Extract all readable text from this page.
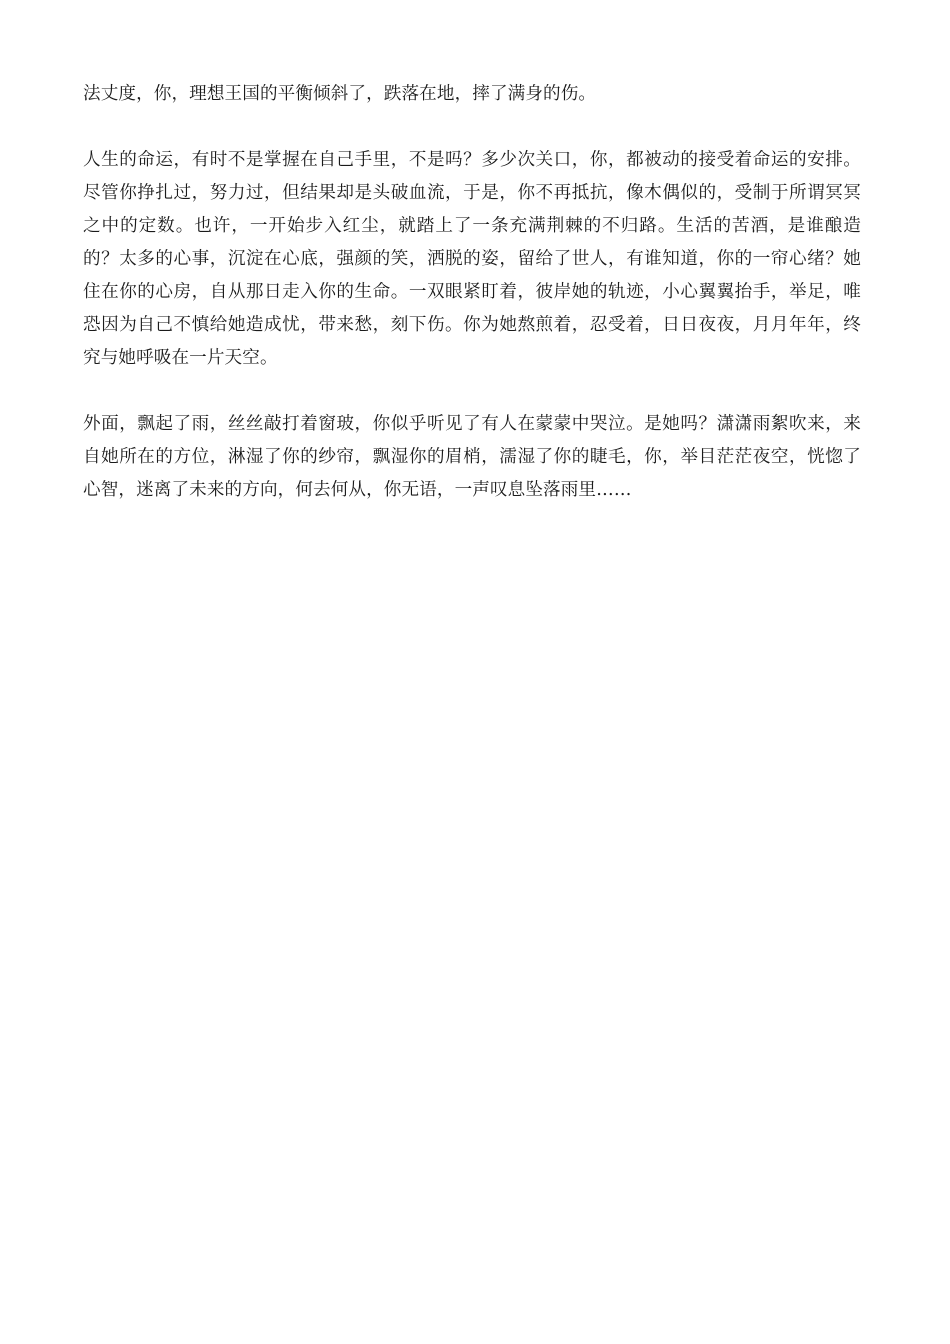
法丈度，你，理想王国的平衡倾斜了，跌落在地，摔了满身的伤。

人生的命运，有时不是掌握在自己手里，不是吗？多少次关口，你，都被动的接受着命运的安排。尽管你挣扎过，努力过，但结果却是头破血流，于是，你不再抵抗，像木偶似的，受制于所谓冥冥之中的定数。也许，一开始步入红尘，就踏上了一条充满荆棘的不归路。生活的苦酒，是谁酿造的？太多的心事，沉淀在心底，强颜的笑，洒脱的姿，留给了世人，有谁知道，你的一帘心绪？她住在你的心房，自从那日走入你的生命。一双眼紧盯着，彼岸她的轨迹，小心翼翼抬手，举足，唯恐因为自己不慎给她造成忧，带来愁，刻下伤。你为她熬煎着，忍受着，日日夜夜，月月年年，终究与她呼吸在一片天空。

外面，飘起了雨，丝丝敲打着窗玻，你似乎听见了有人在蒙蒙中哭泣。是她吗？潇潇雨絮吹来，来自她所在的方位，淋湿了你的纱帘，飘湿你的眉梢，濡湿了你的睫毛，你，举目茫茫夜空，恍惚了心智，迷离了未来的方向，何去何从，你无语，一声叹息坠落雨里……
